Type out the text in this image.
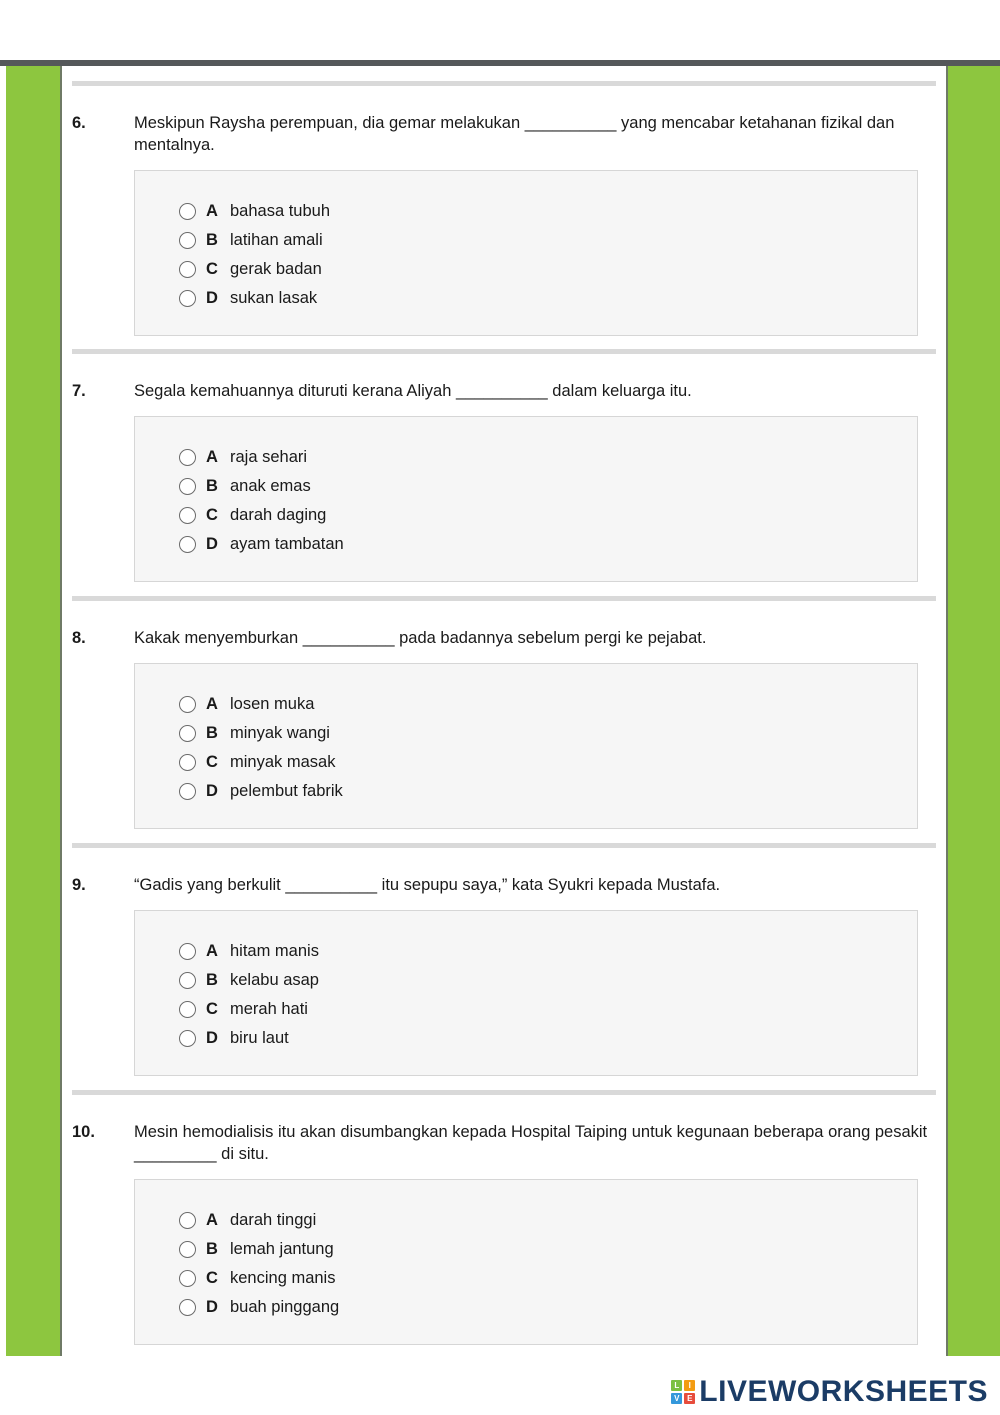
6.	Meskipun Raysha perempuan, dia gemar melakukan __________ yang mencabar ketahanan fizikal dan mentalnya.
A bahasa tubuh
B latihan amali
C gerak badan
D sukan lasak
7.	Segala kemahuannya dituruti kerana Aliyah __________ dalam keluarga itu.
A raja sehari
B anak emas
C darah daging
D ayam tambatan
8.	Kakak menyemburkan __________ pada badannya sebelum pergi ke pejabat.
A losen muka
B minyak wangi
C minyak masak
D pelembut fabrik
9.	“Gadis yang berkulit __________ itu sepupu saya,” kata Syukri kepada Mustafa.
A hitam manis
B kelabu asap
C merah hati
D biru laut
10.	Mesin hemodialisis itu akan disumbangkan kepada Hospital Taiping untuk kegunaan beberapa orang pesakit _________ di situ.
A darah tinggi
B lemah jantung
C kencing manis
D buah pinggang
L	I
V E LIVEWORKSHEETS
